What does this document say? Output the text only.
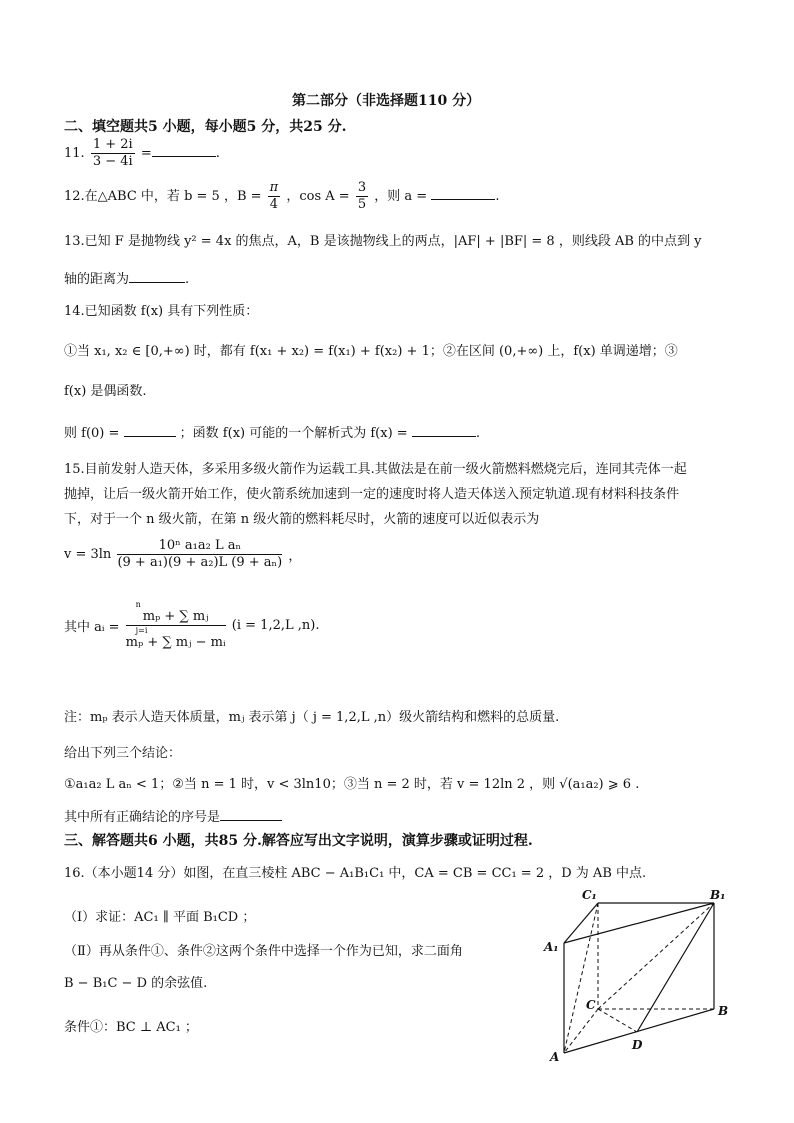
第二部分（非选择题110 分）
二、填空题共5 小题，每小题5 分，共25 分.
11. $\frac{1 + 2i}{3 - 4i}$ =	.
12.在△ABC 中，若 b = 5 ，$B = \frac{\pi}{4}$ ，$\cos A = \frac{3}{5}$ ，则 a =	.
13.已知 F 是抛物线 y² = 4x 的焦点，A，B 是该抛物线上的两点，|AF| + |BF| = 8 ，则线段 AB 的中点到 y
轴的距离为	.
14.已知函数 f(x) 具有下列性质：
①当 x₁, x₂ ∈ [0,+∞) 时，都有 f(x₁ + x₂) = f(x₁) + f(x₂) + 1；②在区间 (0,+∞) 上，f(x) 单调递增；③
f(x) 是偶函数.
则 f(0) =	；函数 f(x) 可能的一个解析式为 f(x) =	.
15.目前发射人造天体，多采用多级火箭作为运载工具.其做法是在前一级火箭燃料燃烧完后，连同其壳体一起
抛掉，让后一级火箭开始工作，使火箭系统加速到一定的速度时将人造天体送入预定轨道.现有材料科技条件
下，对于一个 n 级火箭，在第 n 级火箭的燃料耗尽时，火箭的速度可以近似表示为
$v = 3\ln \frac{\text{10ⁿ a₁a₂ L aₙ}}{\text{(9 + a₁)(9 + a₂)L (9 + aₙ)}}$ ，
其中 aᵢ =
n
mₚ + ∑ mⱼ
j=i
mₚ + ∑ mⱼ − mᵢ
(i = 1,2,L ,n).
注：mₚ 表示人造天体质量，mⱼ 表示第 j（ j = 1,2,L ,n）级火箭结构和燃料的总质量.
给出下列三个结论：
①a₁a₂ L aₙ < 1；②当 n = 1 时，v < 3ln10；③当 n = 2 时，若 v = 12ln 2 ，则 √(a₁a₂) ⩾ 6 .
其中所有正确结论的序号是
三、解答题共6 小题，共85 分.解答应写出文字说明，演算步骤或证明过程.
16.（本小题14 分）如图，在直三棱柱 ABC − A₁B₁C₁ 中，CA = CB = CC₁ = 2 ，D 为 AB 中点.
（Ⅰ）求证：AC₁ ∥ 平面 B₁CD ；
（Ⅱ）再从条件①、条件②这两个条件中选择一个作为已知，求二面角
B − B₁C − D 的余弦值.
条件①：BC ⊥ AC₁ ；
C₁	B₁
A₁
C	B
A
D
